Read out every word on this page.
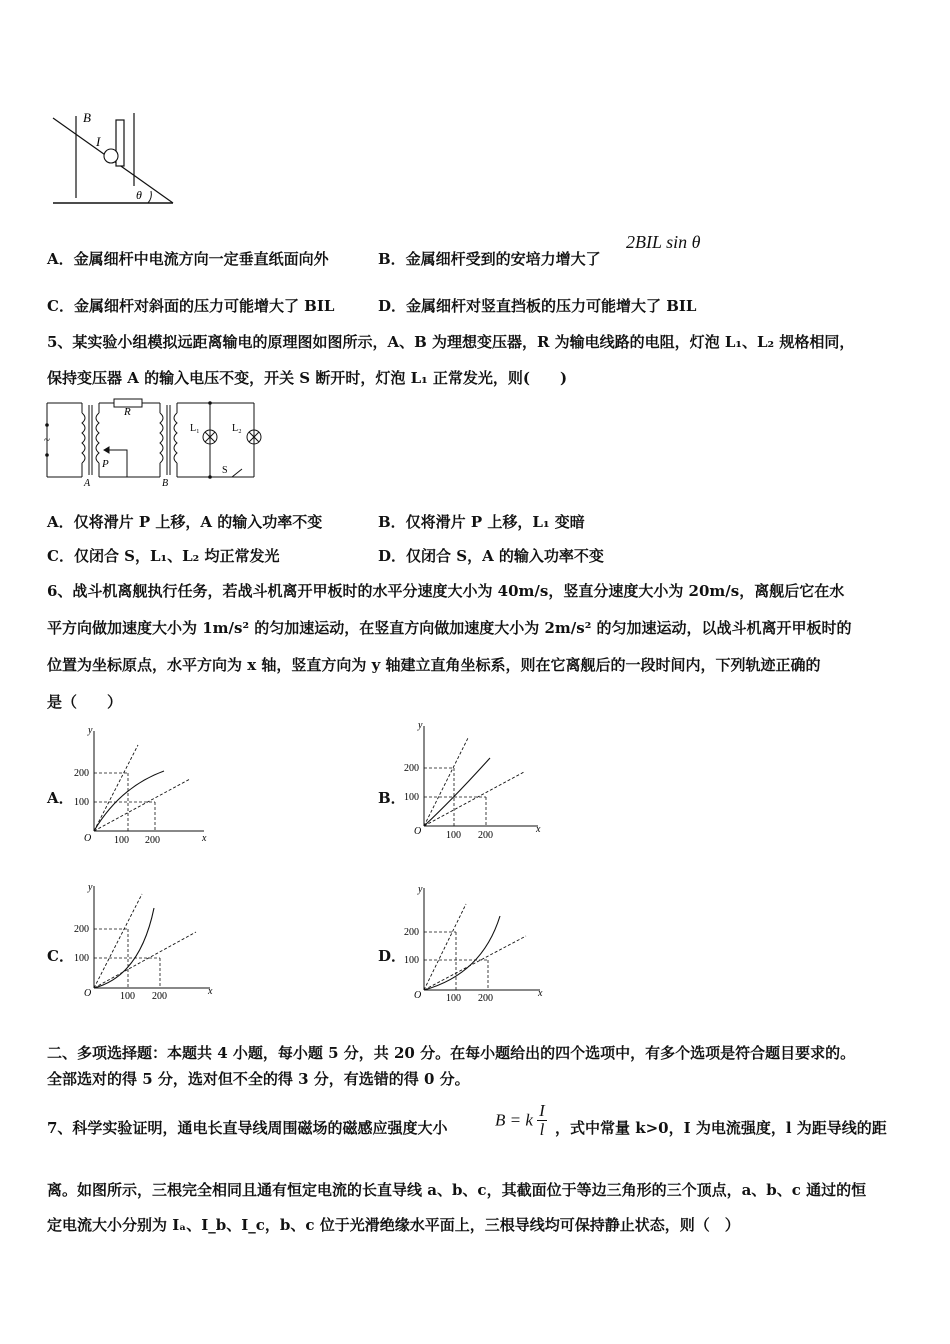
B
I
θ
A．金属细杆中电流方向一定垂直纸面向外	B．金属细杆受到的安培力增大了
2BIL sin θ
C．金属细杆对斜面的压力可能增大了 BIL	D．金属细杆对竖直挡板的压力可能增大了 BIL
5、某实验小组模拟远距离输电的原理图如图所示，A、B 为理想变压器，R 为输电线路的电阻，灯泡 L₁、L₂ 规格相同，
保持变压器 A 的输入电压不变，开关 S 断开时，灯泡 L₁ 正常发光，则(　　)
~
R
P
A	B
L₁	L₂
S
A．仅将滑片 P 上移，A 的输入功率不变	B．仅将滑片 P 上移，L₁ 变暗
C．仅闭合 S，L₁、L₂ 均正常发光	D．仅闭合 S，A 的输入功率不变
6、战斗机离舰执行任务，若战斗机离开甲板时的水平分速度大小为 40m/s，竖直分速度大小为 20m/s，离舰后它在水
平方向做加速度大小为 1m/s² 的匀加速运动，在竖直方向做加速度大小为 2m/s² 的匀加速运动，以战斗机离开甲板时的
位置为坐标原点，水平方向为 x 轴，竖直方向为 y 轴建立直角坐标系，则在它离舰后的一段时间内，下列轨迹正确的
是（　　）
A．	B．
C．	D．
y
x
O
200
100
100 200
y
x
O
200
100
100 200
y
x
O
200
100
100 200
y
x
O
200
100
100 200
二、多项选择题：本题共 4 小题，每小题 5 分，共 20 分。在每小题给出的四个选项中，有多个选项是符合题目要求的。
全部选对的得 5 分，选对但不全的得 3 分，有选错的得 0 分。
7、科学实验证明，通电长直导线周围磁场的磁感应强度大小	B = k $\frac{I}{l}$ ，式中常量 k>0，I 为电流强度，l 为距导线的距
离。如图所示，三根完全相同且通有恒定电流的长直导线 a、b、c，其截面位于等边三角形的三个顶点，a、b、c 通过的恒
定电流大小分别为 Iₐ、I_b、I_c，b、c 位于光滑绝缘水平面上，三根导线均可保持静止状态，则（　）
